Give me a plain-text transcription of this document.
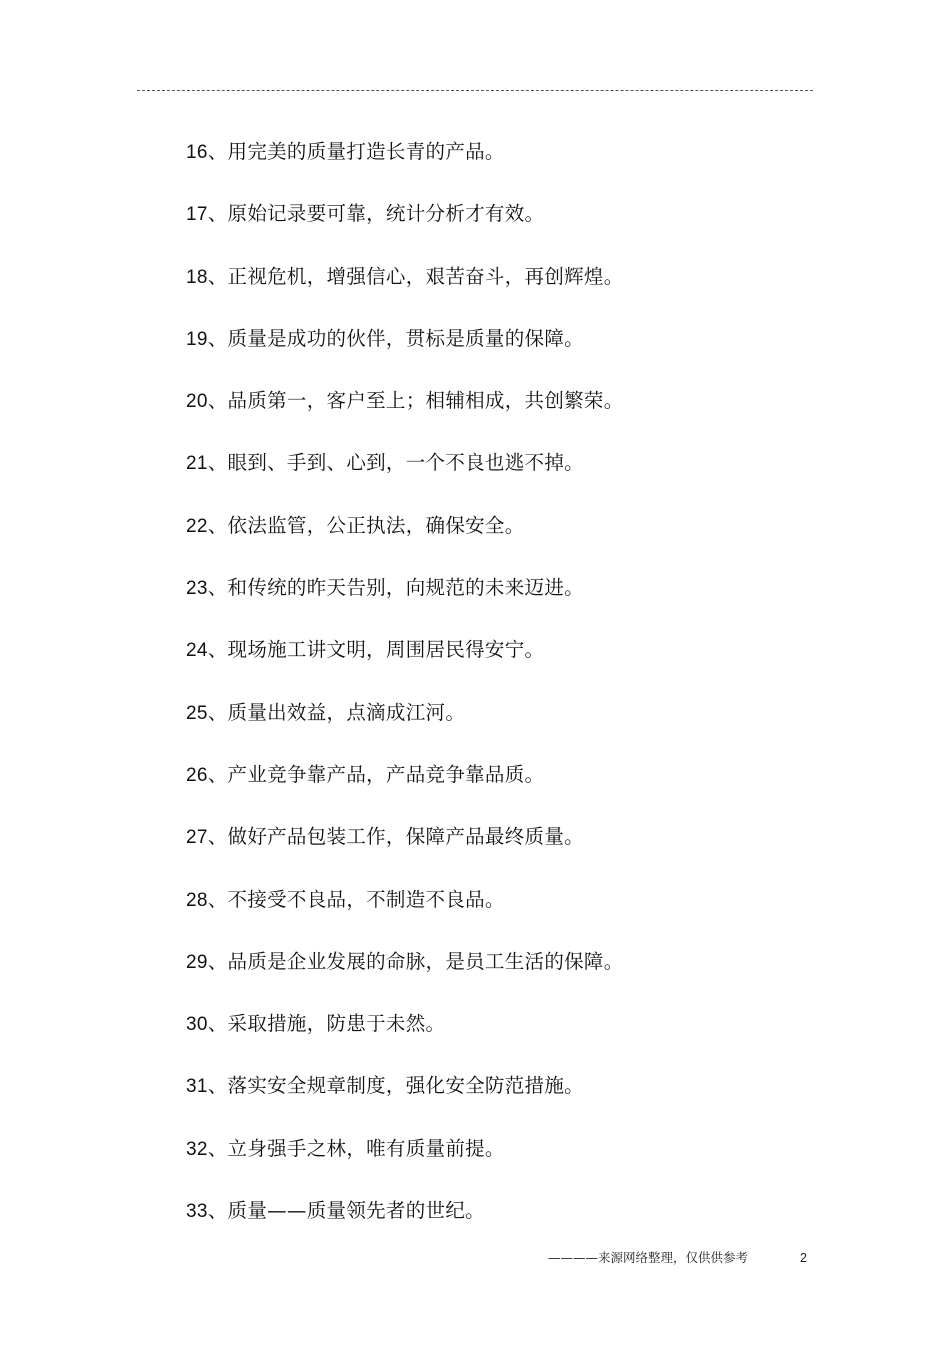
16、用完美的质量打造长青的产品。
17、原始记录要可靠，统计分析才有效。
18、正视危机，增强信心，艰苦奋斗，再创辉煌。
19、质量是成功的伙伴，贯标是质量的保障。
20、品质第一，客户至上；相辅相成，共创繁荣。
21、眼到、手到、心到，一个不良也逃不掉。
22、依法监管，公正执法，确保安全。
23、和传统的昨天告别，向规范的未来迈进。
24、现场施工讲文明，周围居民得安宁。
25、质量出效益，点滴成江河。
26、产业竞争靠产品，产品竞争靠品质。
27、做好产品包装工作，保障产品最终质量。
28、不接受不良品，不制造不良品。
29、品质是企业发展的命脉，是员工生活的保障。
30、采取措施，防患于未然。
31、落实安全规章制度，强化安全防范措施。
32、立身强手之林，唯有质量前提。
33、质量——质量领先者的世纪。
————来源网络整理，仅供供参考	2
